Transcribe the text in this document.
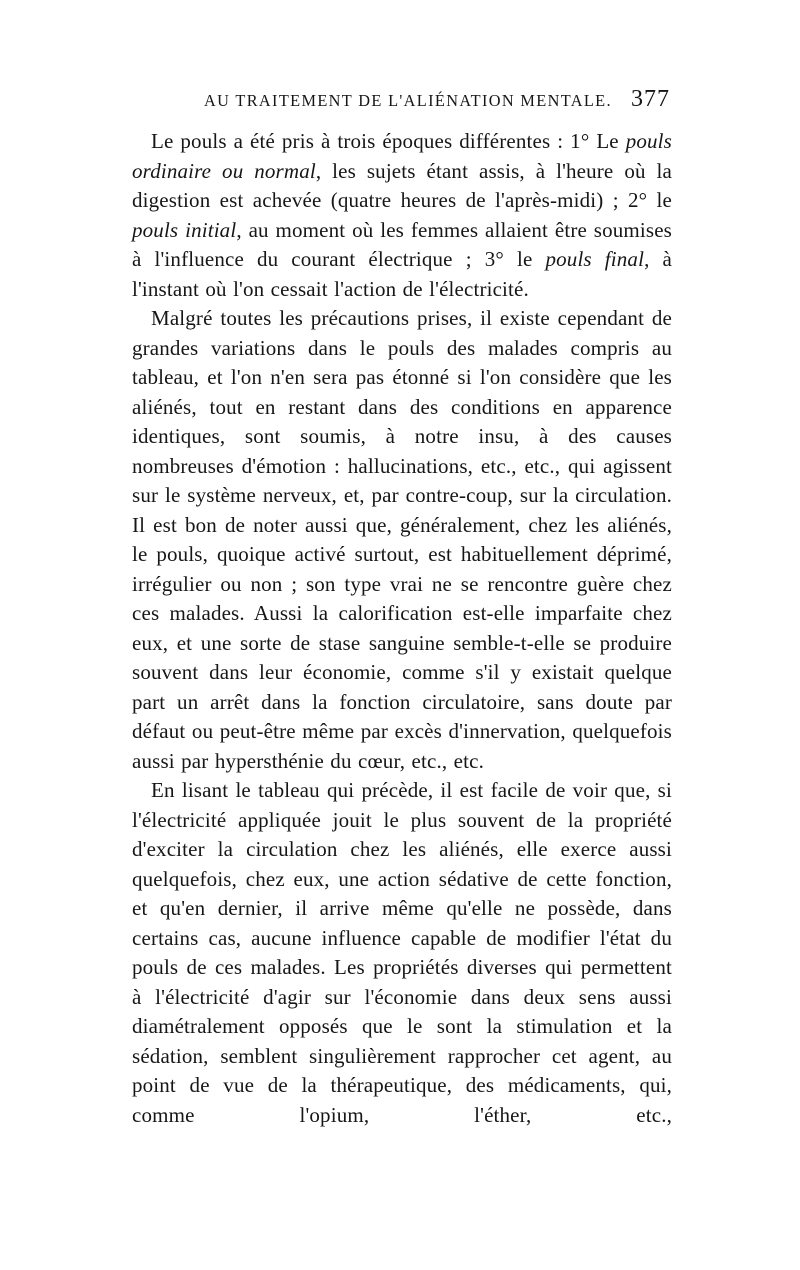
AU TRAITEMENT DE L'ALIÉNATION MENTALE. 377

Le pouls a été pris à trois époques différentes : 1° Le pouls ordinaire ou normal, les sujets étant assis, à l'heure où la digestion est achevée (quatre heures de l'après-midi) ; 2° le pouls initial, au moment où les femmes allaient être soumises à l'influence du courant électrique ; 3° le pouls final, à l'instant où l'on cessait l'action de l'électricité.

Malgré toutes les précautions prises, il existe cependant de grandes variations dans le pouls des malades compris au tableau, et l'on n'en sera pas étonné si l'on considère que les aliénés, tout en restant dans des conditions en apparence identiques, sont soumis, à notre insu, à des causes nombreuses d'émotion : hallucinations, etc., etc., qui agissent sur le système nerveux, et, par contre-coup, sur la circulation. Il est bon de noter aussi que, généralement, chez les aliénés, le pouls, quoique activé surtout, est habituellement déprimé, irrégulier ou non ; son type vrai ne se rencontre guère chez ces malades. Aussi la calorification est-elle imparfaite chez eux, et une sorte de stase sanguine semble-t-elle se produire souvent dans leur économie, comme s'il y existait quelque part un arrêt dans la fonction circulatoire, sans doute par défaut ou peut-être même par excès d'innervation, quelquefois aussi par hypersthénie du cœur, etc., etc.

En lisant le tableau qui précède, il est facile de voir que, si l'électricité appliquée jouit le plus souvent de la propriété d'exciter la circulation chez les aliénés, elle exerce aussi quelquefois, chez eux, une action sédative de cette fonction, et qu'en dernier, il arrive même qu'elle ne possède, dans certains cas, aucune influence capable de modifier l'état du pouls de ces malades. Les propriétés diverses qui permettent à l'électricité d'agir sur l'économie dans deux sens aussi diamétralement opposés que le sont la stimulation et la sédation, semblent singulièrement rapprocher cet agent, au point de vue de la thérapeutique, des médicaments, qui, comme l'opium, l'éther, etc.,
